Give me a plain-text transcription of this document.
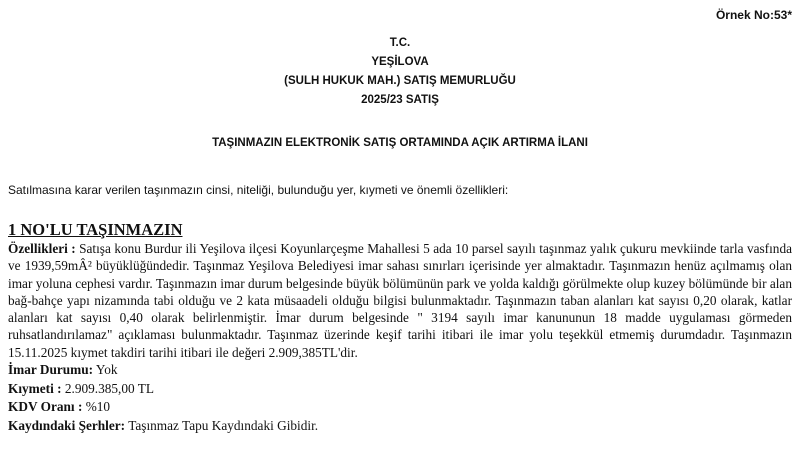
Örnek No:53*
T.C.
YEŞİLOVA
(SULH HUKUK MAH.) SATIŞ MEMURLUĞU
2025/23 SATIŞ
TAŞINMAZIN ELEKTRONİK SATIŞ ORTAMINDA AÇIK ARTIRMA İLANI
Satılmasına karar verilen taşınmazın cinsi, niteliği, bulunduğu yer, kıymeti ve önemli özellikleri:
1 NO'LU TAŞINMAZIN

Özellikleri : Satışa konu Burdur ili Yeşilova ilçesi Koyunlarçeşme Mahallesi 5 ada 10 parsel sayılı taşınmaz yalık çukuru mevkiinde tarla vasfında ve 1939,59mÂ² büyüklüğündedir. Taşınmaz Yeşilova Belediyesi imar sahası sınırları içerisinde yer almaktadır. Taşınmazın henüz açılmamış olan imar yoluna cephesi vardır. Taşınmazın imar durum belgesinde büyük bölümünün park ve yolda kaldığı görülmekte olup kuzey bölümünde bir alan bağ-bahçe yapı nizamında tabi olduğu ve 2 kata müsaadeli olduğu bilgisi bulunmaktadır. Taşınmazın taban alanları kat sayısı 0,20 olarak, katlar alanları kat sayısı 0,40 olarak belirlenmiştir. İmar durum belgesinde " 3194 sayılı imar kanununun 18 madde uygulaması görmeden ruhsatlandırılamaz" açıklaması bulunmaktadır. Taşınmaz üzerinde keşif tarihi itibari ile imar yolu teşekkül etmemiş durumdadır. Taşınmazın 15.11.2025 kıymet takdiri tarihi itibari ile değeri 2.909,385TL'dir.

İmar Durumu: Yok

Kıymeti : 2.909.385,00 TL

KDV Oranı : %10

Kaydındaki Şerhler: Taşınmaz Tapu Kaydındaki Gibidir.
